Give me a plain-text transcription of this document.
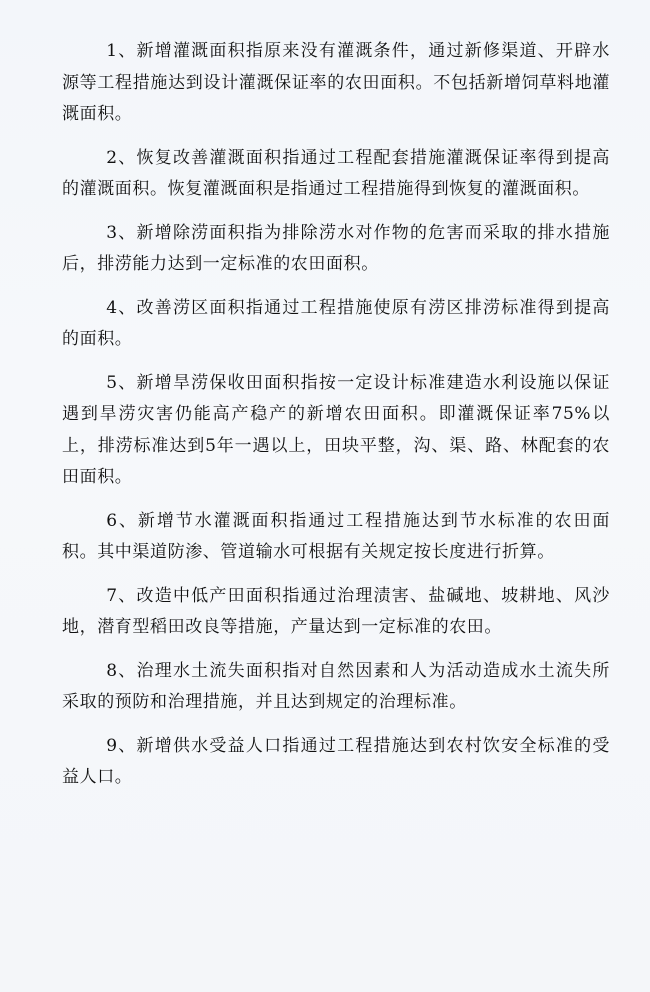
1、新增灌溉面积指原来没有灌溉条件，通过新修渠道、开辟水源等工程措施达到设计灌溉保证率的农田面积。不包括新增饲草料地灌溉面积。

2、恢复改善灌溉面积指通过工程配套措施灌溉保证率得到提高的灌溉面积。恢复灌溉面积是指通过工程措施得到恢复的灌溉面积。

3、新增除涝面积指为排除涝水对作物的危害而采取的排水措施后，排涝能力达到一定标准的农田面积。

4、改善涝区面积指通过工程措施使原有涝区排涝标准得到提高的面积。

5、新增旱涝保收田面积指按一定设计标准建造水利设施以保证遇到旱涝灾害仍能高产稳产的新增农田面积。即灌溉保证率75%以上，排涝标准达到5年一遇以上，田块平整，沟、渠、路、林配套的农田面积。

6、新增节水灌溉面积指通过工程措施达到节水标准的农田面积。其中渠道防渗、管道输水可根据有关规定按长度进行折算。

7、改造中低产田面积指通过治理渍害、盐碱地、坡耕地、风沙地，潜育型稻田改良等措施，产量达到一定标准的农田。

8、治理水土流失面积指对自然因素和人为活动造成水土流失所采取的预防和治理措施，并且达到规定的治理标准。

9、新增供水受益人口指通过工程措施达到农村饮安全标准的受益人口。
